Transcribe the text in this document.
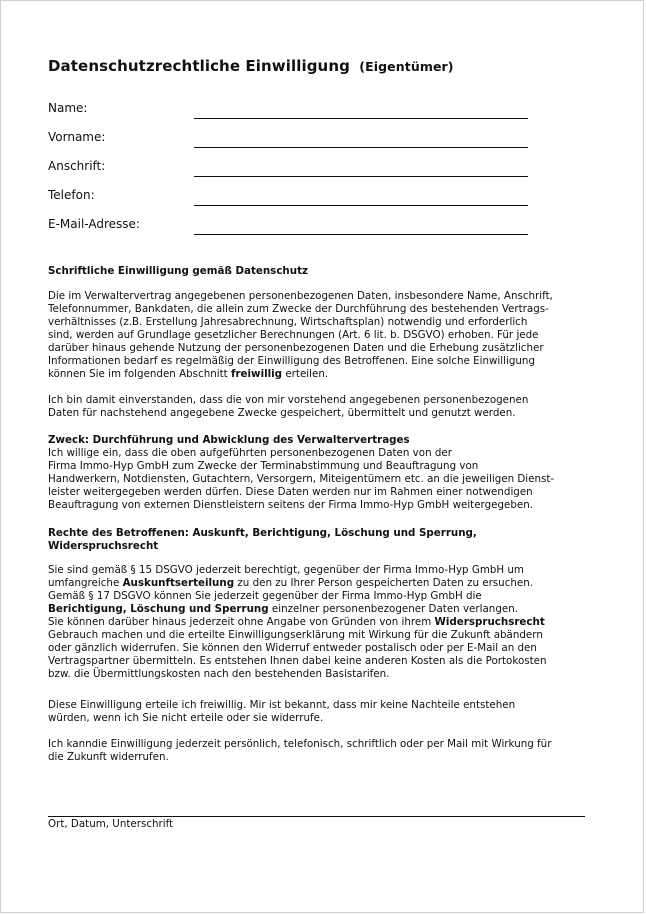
Datenschutzrechtliche Einwilligung (Eigentümer)
Name:
Vorname:
Anschrift:
Telefon:
E-Mail-Adresse:
Schriftliche Einwilligung gemäß Datenschutz
Die im Verwaltervertrag angegebenen personenbezogenen Daten, insbesondere Name, Anschrift,
Telefonnummer, Bankdaten, die allein zum Zwecke der Durchführung des bestehenden Vertrags-
verhältnisses (z.B. Erstellung Jahresabrechnung, Wirtschaftsplan) notwendig und erforderlich
sind, werden auf Grundlage gesetzlicher Berechnungen (Art. 6 lit. b. DSGVO) erhoben. Für jede
darüber hinaus gehende Nutzung der personenbezogenen Daten und die Erhebung zusätzlicher
Informationen bedarf es regelmäßig der Einwilligung des Betroffenen. Eine solche Einwilligung
können Sie im folgenden Abschnitt freiwillig erteilen.
Ich bin damit einverstanden, dass die von mir vorstehend angegebenen personenbezogenen
Daten für nachstehend angegebene Zwecke gespeichert, übermittelt und genutzt werden.
Zweck: Durchführung und Abwicklung des Verwaltervertrages
Ich willige ein, dass die oben aufgeführten personenbezogenen Daten von der
Firma Immo-Hyp GmbH zum Zwecke der Terminabstimmung und Beauftragung von
Handwerkern, Notdiensten, Gutachtern, Versorgern, Miteigentümern etc. an die jeweiligen Dienst-
leister weitergegeben werden dürfen. Diese Daten werden nur im Rahmen einer notwendigen
Beauftragung von externen Dienstleistern seitens der Firma Immo-Hyp GmbH weitergegeben.
Rechte des Betroffenen: Auskunft, Berichtigung, Löschung und Sperrung,
Widerspruchsrecht
Sie sind gemäß § 15 DSGVO jederzeit berechtigt, gegenüber der Firma Immo-Hyp GmbH um
umfangreiche Auskunftserteilung zu den zu Ihrer Person gespeicherten Daten zu ersuchen.
Gemäß § 17 DSGVO können Sie jederzeit gegenüber der Firma Immo-Hyp GmbH die
Berichtigung, Löschung und Sperrung einzelner personenbezogener Daten verlangen.
Sie können darüber hinaus jederzeit ohne Angabe von Gründen von ihrem Widerspruchsrecht
Gebrauch machen und die erteilte Einwilligungserklärung mit Wirkung für die Zukunft abändern
oder gänzlich widerrufen. Sie können den Widerruf entweder postalisch oder per E-Mail an den
Vertragspartner übermitteln. Es entstehen Ihnen dabei keine anderen Kosten als die Portokosten
bzw. die Übermittlungskosten nach den bestehenden Basistarifen.
Diese Einwilligung erteile ich freiwillig. Mir ist bekannt, dass mir keine Nachteile entstehen
würden, wenn ich Sie nicht erteile oder sie widerrufe.
Ich kanndie Einwilligung jederzeit persönlich, telefonisch, schriftlich oder per Mail mit Wirkung für
die Zukunft widerrufen.
Ort, Datum, Unterschrift
